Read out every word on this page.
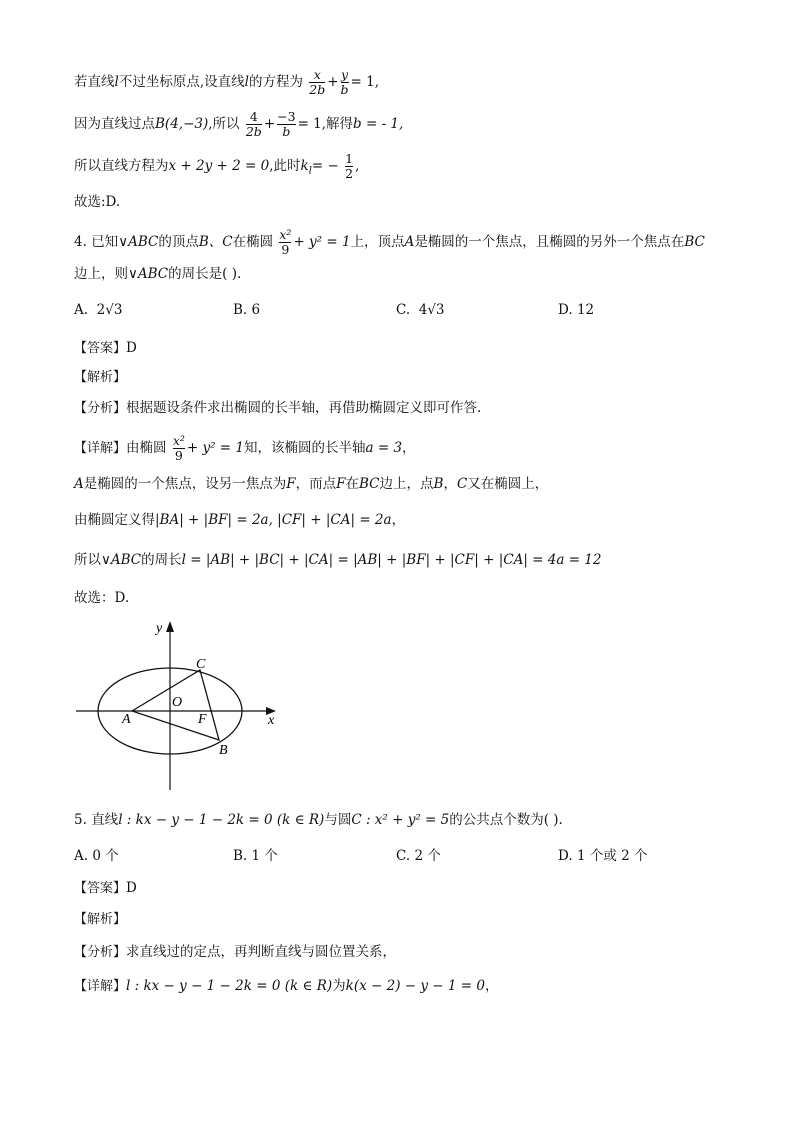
若直线l不过坐标原点,设直线l的方程为 $\frac{x}{2b} + \frac{y}{b} = 1$,
因为直线过点B(4,−3),所以 $\frac{4}{2b} + \frac{-3}{b} = 1$,解得b = - 1,
所以直线方程为x + 2y + 2 = 0,此时$k_l= - \frac{1}{2}$ ,
故选:D.
4. 已知∨ABC的顶点B、C在椭圆 $\frac{\text{x²}}{9} + y^2 = 1$上，顶点A是椭圆的一个焦点，且椭圆的另外一个焦点在BC
边上，则∨ABC的周长是( ).
A. 2√3	B. 6	C. 4√3	D. 12
【答案】D
【解析】
【分析】根据题设条件求出椭圆的长半轴，再借助椭圆定义即可作答.
【详解】由椭圆 $\frac{\text{x²}}{9} + y^2 = 1$知，该椭圆的长半轴a = 3，
A是椭圆的一个焦点，设另一焦点为F，而点F在BC边上，点B，C又在椭圆上，
由椭圆定义得|BA| + |BF| = 2a, |CF| + |CA| = 2a，
所以∨ABC的周长l = |AB| + |BC| + |CA| = |AB| + |BF| + |CF| + |CA| = 4a = 12
故选：D.
y
x
C
O
A	F
B
5. 直线l : kx − y − 1 − 2k = 0 (k ∈ R)与圆C : x² + y² = 5的公共点个数为( ).
A. 0 个	B. 1 个	C. 2 个	D. 1 个或 2 个
【答案】D
【解析】
【分析】求直线过的定点，再判断直线与圆位置关系，
【详解】l : kx − y − 1 − 2k = 0 (k ∈ R)为k(x − 2) − y − 1 = 0，
